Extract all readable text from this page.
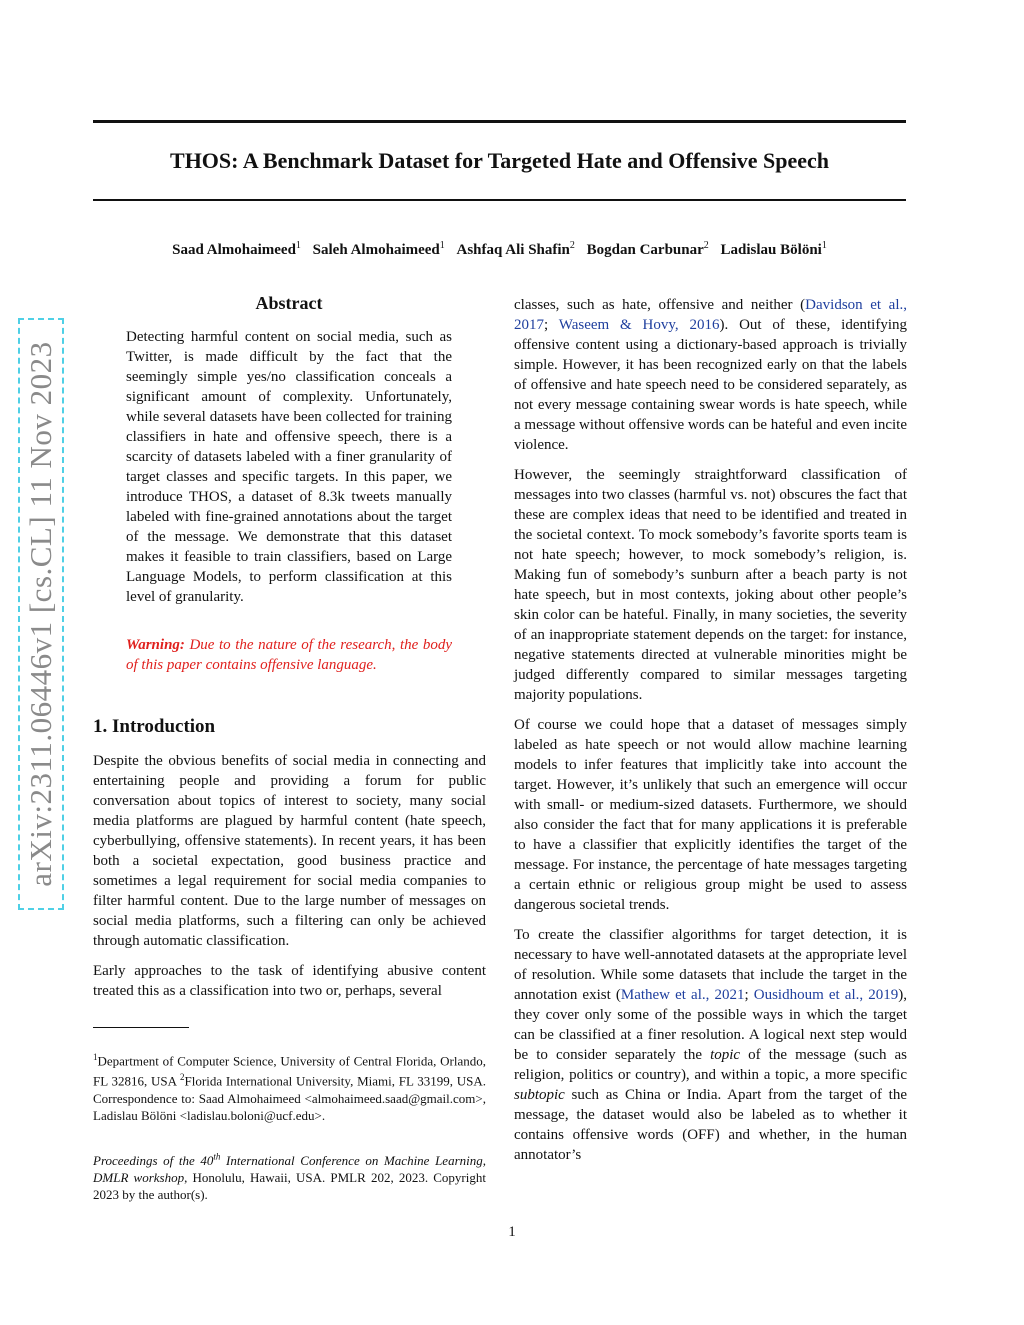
THOS: A Benchmark Dataset for Targeted Hate and Offensive Speech
Saad Almohaimeed$^1$ Saleh Almohaimeed$^1$ Ashfaq Ali Shafin$^2$ Bogdan Carbunar$^2$ Ladislau Bölöni$^1$
arXiv:2311.06446v1 [cs.CL] 11 Nov 2023
Abstract

Detecting harmful content on social media, such as Twitter, is made difficult by the fact that the seemingly simple yes/no classification conceals a significant amount of complexity. Unfortunately, while several datasets have been collected for training classifiers in hate and offensive speech, there is a scarcity of datasets labeled with a finer granularity of target classes and specific targets. In this paper, we introduce THOS, a dataset of 8.3k tweets manually labeled with fine-grained annotations about the target of the message. We demonstrate that this dataset makes it feasible to train classifiers, based on Large Language Models, to perform classification at this level of granularity.

Warning: Due to the nature of the research, the body of this paper contains offensive language.
1. Introduction

Despite the obvious benefits of social media in connecting and entertaining people and providing a forum for public conversation about topics of interest to society, many social media platforms are plagued by harmful content (hate speech, cyberbullying, offensive statements). In recent years, it has been both a societal expectation, good business practice and sometimes a legal requirement for social media companies to filter harmful content. Due to the large number of messages on social media platforms, such a filtering can only be achieved through automatic classification.

Early approaches to the task of identifying abusive content treated this as a classification into two or, perhaps, several

$^1$Department of Computer Science, University of Central Florida, Orlando, FL 32816, USA $^2$Florida International University, Miami, FL 33199, USA. Correspondence to: Saad Almohaimeed <almohaimeed.saad@gmail.com>, Ladislau Bölöni <ladislau.boloni@ucf.edu>.
Proceedings of the 40th International Conference on Machine Learning, DMLR workshop, Honolulu, Hawaii, USA. PMLR 202, 2023. Copyright 2023 by the author(s).

classes, such as hate, offensive and neither (Davidson et al., 2017; Waseem & Hovy, 2016). Out of these, identifying offensive content using a dictionary-based approach is trivially simple. However, it has been recognized early on that the labels of offensive and hate speech need to be considered separately, as not every message containing swear words is hate speech, while a message without offensive words can be hateful and even incite violence.

However, the seemingly straightforward classification of messages into two classes (harmful vs. not) obscures the fact that these are complex ideas that need to be identified and treated in the societal context. To mock somebody’s favorite sports team is not hate speech; however, to mock somebody’s religion, is. Making fun of somebody’s sunburn after a beach party is not hate speech, but in most contexts, joking about other people’s skin color can be hateful. Finally, in many societies, the severity of an inappropriate statement depends on the target: for instance, negative statements directed at vulnerable minorities might be judged differently compared to similar messages targeting majority populations.

Of course we could hope that a dataset of messages simply labeled as hate speech or not would allow machine learning models to infer features that implicitly take into account the target. However, it’s unlikely that such an emergence will occur with small- or medium-sized datasets. Furthermore, we should also consider the fact that for many applications it is preferable to have a classifier that explicitly identifies the target of the message. For instance, the percentage of hate messages targeting a certain ethnic or religious group might be used to assess dangerous societal trends.

To create the classifier algorithms for target detection, it is necessary to have well-annotated datasets at the appropriate level of resolution. While some datasets that include the target in the annotation exist (Mathew et al., 2021; Ousidhoum et al., 2019), they cover only some of the possible ways in which the target can be classified at a finer resolution. A logical next step would be to consider separately the topic of the message (such as religion, politics or country), and within a topic, a more specific subtopic such as China or India. Apart from the target of the message, the dataset would also be labeled as to whether it contains offensive words (OFF) and whether, in the human annotator’s

1
